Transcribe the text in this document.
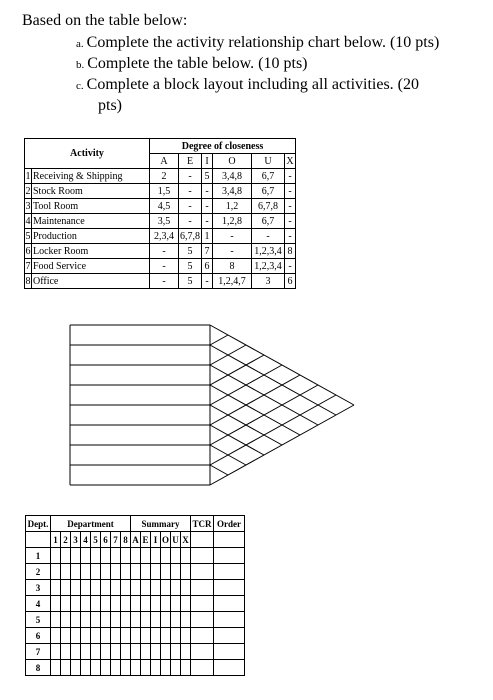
Based on the table below:
a. Complete the activity relationship chart below. (10 pts)
b. Complete the table below. (10 pts)
c. Complete a block layout including all activities. (20
pts)
Activity		Degree of closeness					
		A	E	I	O	U	X
1	Receiving & Shipping	2	-	5	3,4,8	6,7	-
2	Stock Room	1,5	-	-	3,4,8	6,7	-
3	Tool Room	4,5	-	-	1,2	6,7,8	-
4	Maintenance	3,5	-	-	1,2,8	6,7	-
5	Production	2,3,4	6,7,8	1	-	-	-
6	Locker Room	-	5	7	-	1,2,3,4	8
7	Food Service	-	5	6	8	1,2,3,4	-
8	Office	-	5	-	1,2,4,7	3	6
Dept.	Department								Summary						TCR	Order
	1	2	3	4	5	6	7	8	A	E	I	O	U	X		
1																
2																
3																
4																
5																
6																
7																
8																
